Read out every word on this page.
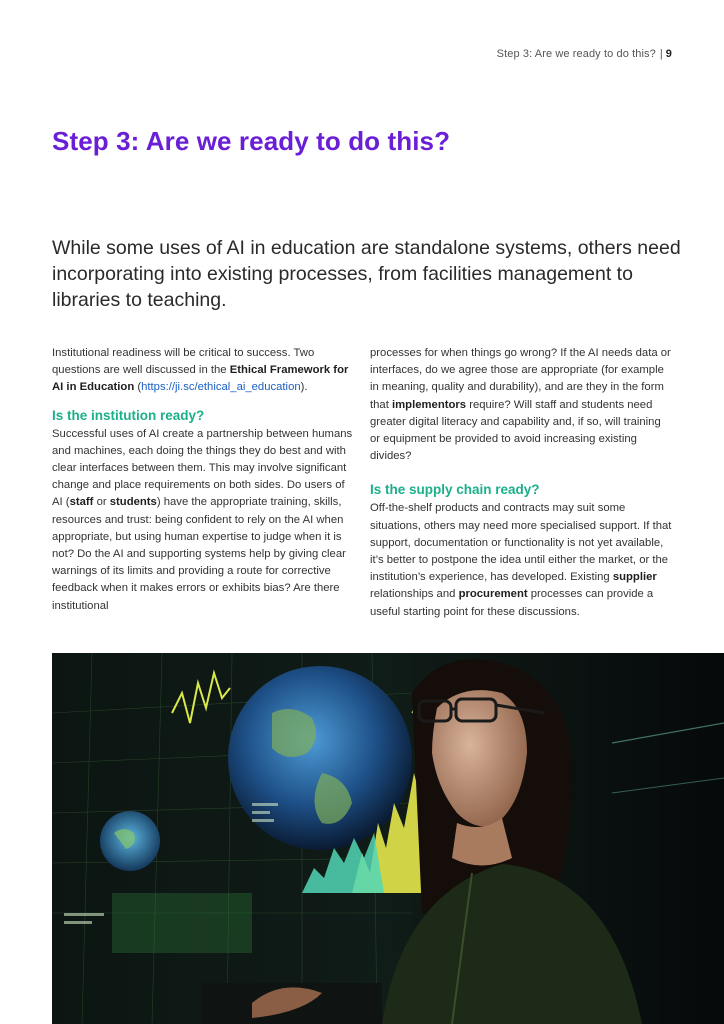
Step 3: Are we ready to do this? | 9
Step 3: Are we ready to do this?

While some uses of AI in education are standalone systems, others need incorporating into existing processes, from facilities management to libraries to teaching.

Institutional readiness will be critical to success. Two questions are well discussed in the Ethical Framework for AI in Education (https://ji.sc/ethical_ai_education).

Is the institution ready?

Successful uses of AI create a partnership between humans and machines, each doing the things they do best and with clear interfaces between them. This may involve significant change and place requirements on both sides. Do users of AI (staff or students) have the appropriate training, skills, resources and trust: being confident to rely on the AI when appropriate, but using human expertise to judge when it is not? Do the AI and supporting systems help by giving clear warnings of its limits and providing a route for corrective feedback when it makes errors or exhibits bias? Are there institutional

processes for when things go wrong? If the AI needs data or interfaces, do we agree those are appropriate (for example in meaning, quality and durability), and are they in the form that implementors require? Will staff and students need greater digital literacy and capability and, if so, will training or equipment be provided to avoid increasing existing divides?

Is the supply chain ready?

Off-the-shelf products and contracts may suit some situations, others may need more specialised support. If that support, documentation or functionality is not yet available, it’s better to postpone the idea until either the market, or the institution’s experience, has developed. Existing supplier relationships and procurement processes can provide a useful starting point for these discussions.
